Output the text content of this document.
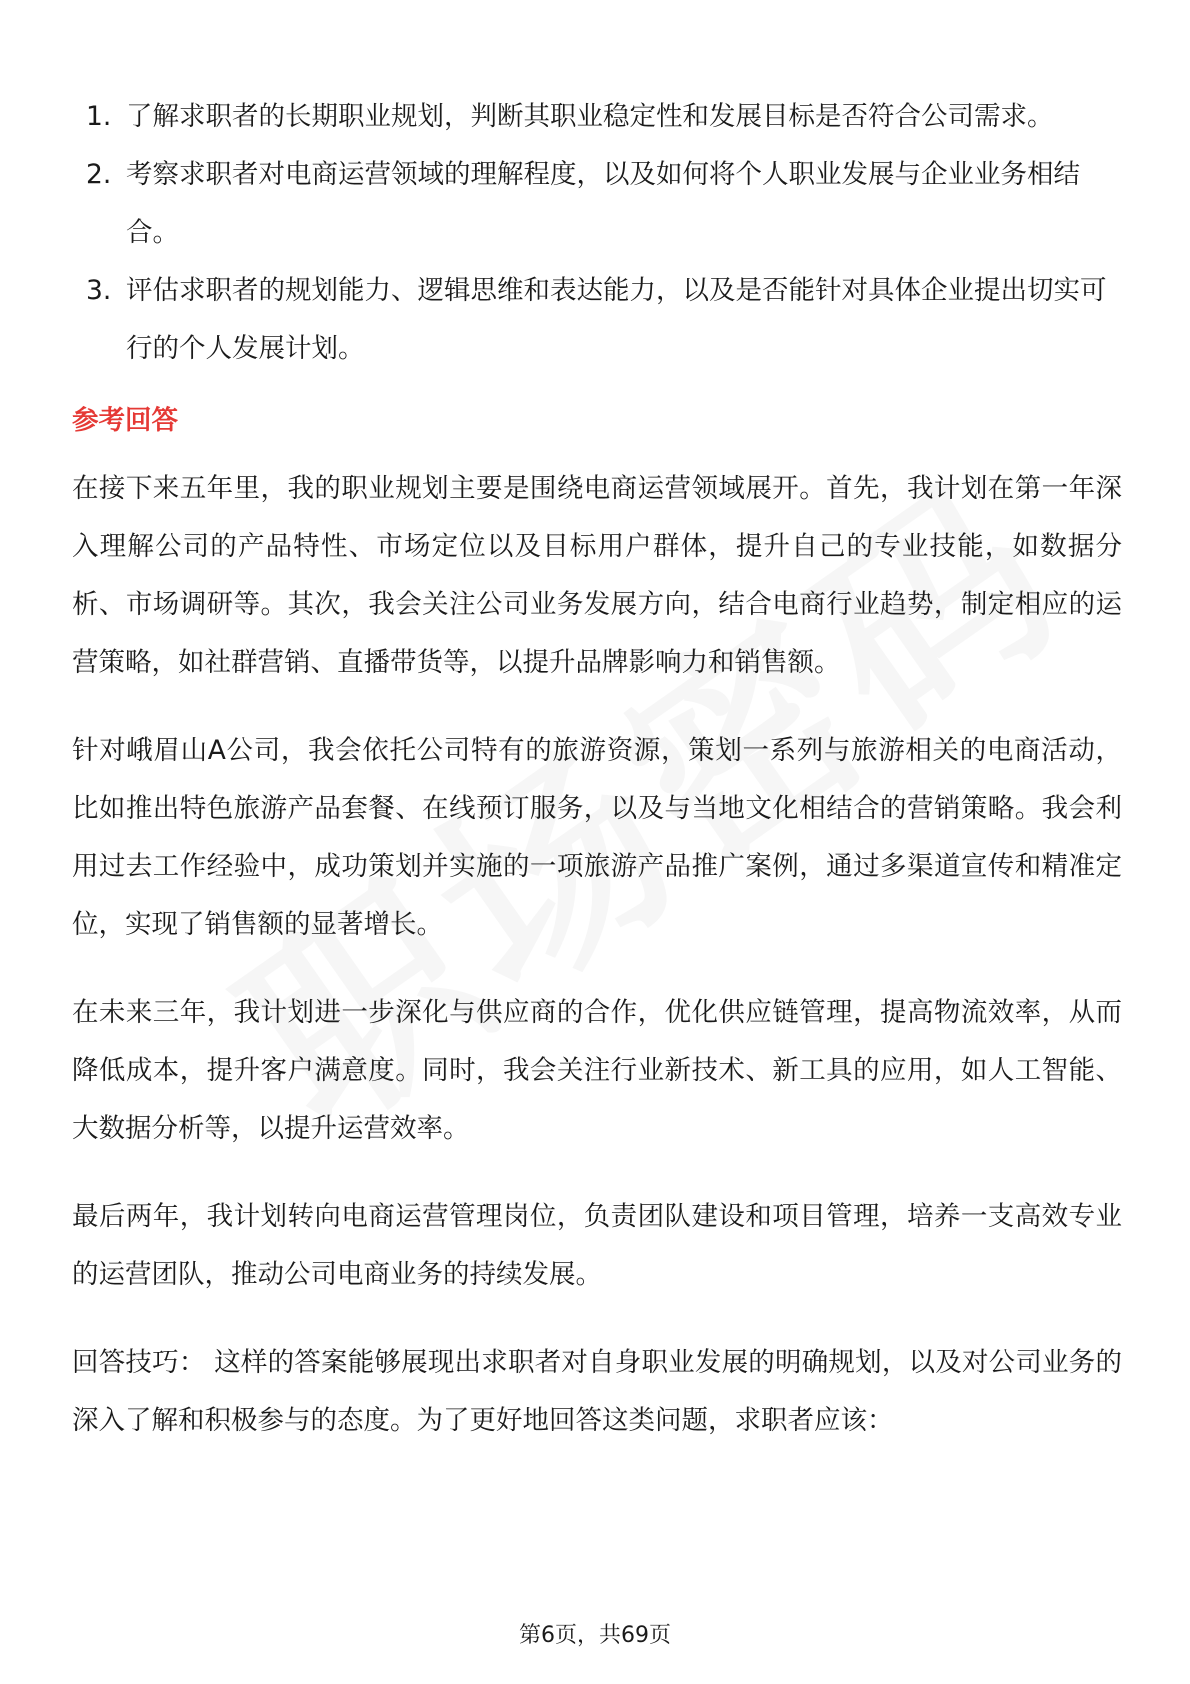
1. 了解求职者的长期职业规划，判断其职业稳定性和发展目标是否符合公司需求。
2. 考察求职者对电商运营领域的理解程度，以及如何将个人职业发展与企业业务相结合。
3. 评估求职者的规划能力、逻辑思维和表达能力，以及是否能针对具体企业提出切实可行的个人发展计划。
参考回答

在接下来五年里，我的职业规划主要是围绕电商运营领域展开。首先，我计划在第一年深入理解公司的产品特性、市场定位以及目标用户群体，提升自己的专业技能，如数据分析、市场调研等。其次，我会关注公司业务发展方向，结合电商行业趋势，制定相应的运营策略，如社群营销、直播带货等，以提升品牌影响力和销售额。

针对峨眉山A公司，我会依托公司特有的旅游资源，策划一系列与旅游相关的电商活动，比如推出特色旅游产品套餐、在线预订服务，以及与当地文化相结合的营销策略。我会利用过去工作经验中，成功策划并实施的一项旅游产品推广案例，通过多渠道宣传和精准定位，实现了销售额的显著增长。

在未来三年，我计划进一步深化与供应商的合作，优化供应链管理，提高物流效率，从而降低成本，提升客户满意度。同时，我会关注行业新技术、新工具的应用，如人工智能、大数据分析等，以提升运营效率。

最后两年，我计划转向电商运营管理岗位，负责团队建设和项目管理，培养一支高效专业的运营团队，推动公司电商业务的持续发展。

回答技巧： 这样的答案能够展现出求职者对自身职业发展的明确规划，以及对公司业务的深入了解和积极参与的态度。为了更好地回答这类问题，求职者应该：

第6页，共69页
